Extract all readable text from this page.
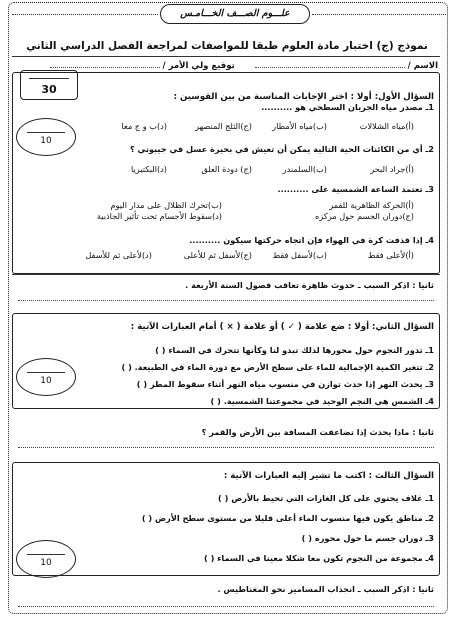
علـــوم الصـــف الخـــامـس
نموذج (ج) اختبار مادة العلوم طبقا للمواصفات لمراجعة الفصل الدراسي الثاني
الاسم /   توقيع ولي الأمر /
30
السؤال الأول: أولا : اختر الإجابات المناسبة من بين القوسين :
10
1ـ مصدر مياه الجريان السطحي هو ..........
(أ)مياه الشلالات
(ب)مياه الأمطار
(ج)الثلج المنصهر
(د)ب و ج معا
2ـ أي من الكائنات الحية التالية يمكن أن تعيش في بحيرة عسل في جيبوتي ؟
(أ)جراد البحر
(ب)السلمندر
(ج) دودة العلق
(د)البكتيريا
3ـ تعتمد الساعة الشمسية على ..........
(أ)الحركة الظاهرية للقمر
(ب)تحرك الظلال على مدار اليوم
(ج)دوران الجسم حول مركزه
(د)سقوط الأجسام تحت تأثير الجاذبية
4ـ إذا قذفت كرة في الهواء فإن اتجاه حركتها سيكون ..........
(أ)لأعلى فقط
(ب)لأسفل فقط
(ج)لأسفل ثم للأعلى
(د)لأعلى ثم للأسفل
ثانيا : اذكر السبب ـ حدوث ظاهرة تعاقب فصول السنة الأربعة .
السؤال الثاني: أولا : ضع علامة ( ✓ ) أو علامة ( × ) أمام العبارات الآتية :
10
1ـ تدور النجوم حول محورها لذلك تبدو لنا وكأنها تتحرك في السماء ( )
2ـ تتغير الكمية الإجمالية للماء على سطح الأرض مع دورة الماء في الطبيعة. ( )
3ـ يحدث النهر إذا حدث توازن في منسوب مياه النهر أثناء سقوط المطر ( )
4ـ الشمس هي النجم الوحيد في مجموعتنا الشمسية. ( )
ثانيا : ماذا يحدث إذا تضاعفت المسافة بين الأرض والقمر ؟
السؤال الثالث : اكتب ما تشير إليه العبارات الآتية :
10
1ـ غلاف يحتوي على كل الغازات التي تحيط بالأرض ( )
2ـ مناطق يكون فيها منسوب الماء أعلى قليلا من مستوى سطح الأرض ( )
3ـ دوران جسم ما حول محوره ( )
4ـ مجموعة من النجوم تكون معا شكلا معينا في السماء ( )
ثانيا : اذكر السبب ـ انجذاب المسامير نحو المغناطيس .
